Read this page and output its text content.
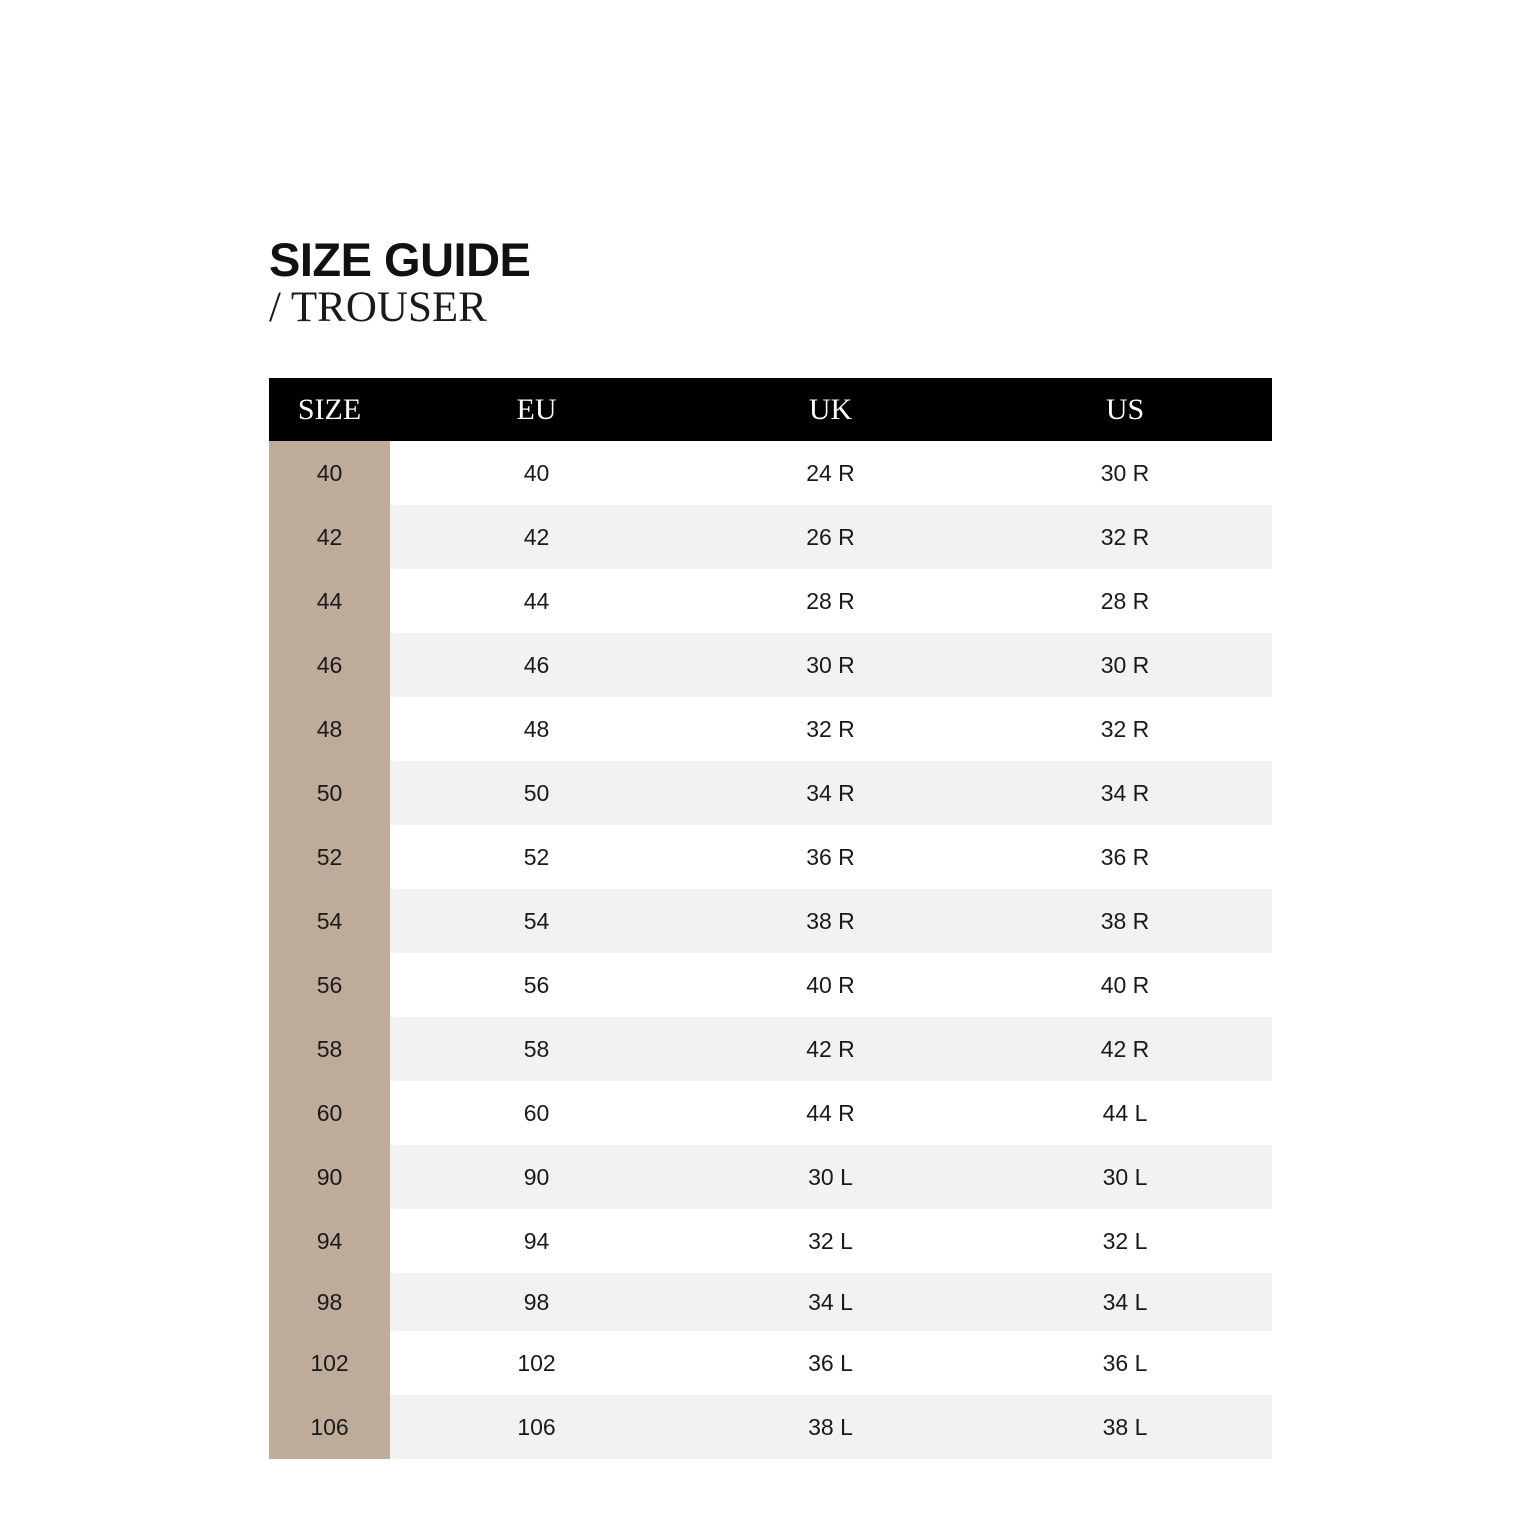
SIZE GUIDE
/ TROUSER
SIZE	EU	UK	US
40	40	24 R	30 R
42	42	26 R	32 R
44	44	28 R	28 R
46	46	30 R	30 R
48	48	32 R	32 R
50	50	34 R	34 R
52	52	36 R	36 R
54	54	38 R	38 R
56	56	40 R	40 R
58	58	42 R	42 R
60	60	44 R	44 L
90	90	30 L	30 L
94	94	32 L	32 L
98	98	34 L	34 L
102	102	36 L	36 L
106	106	38 L	38 L
